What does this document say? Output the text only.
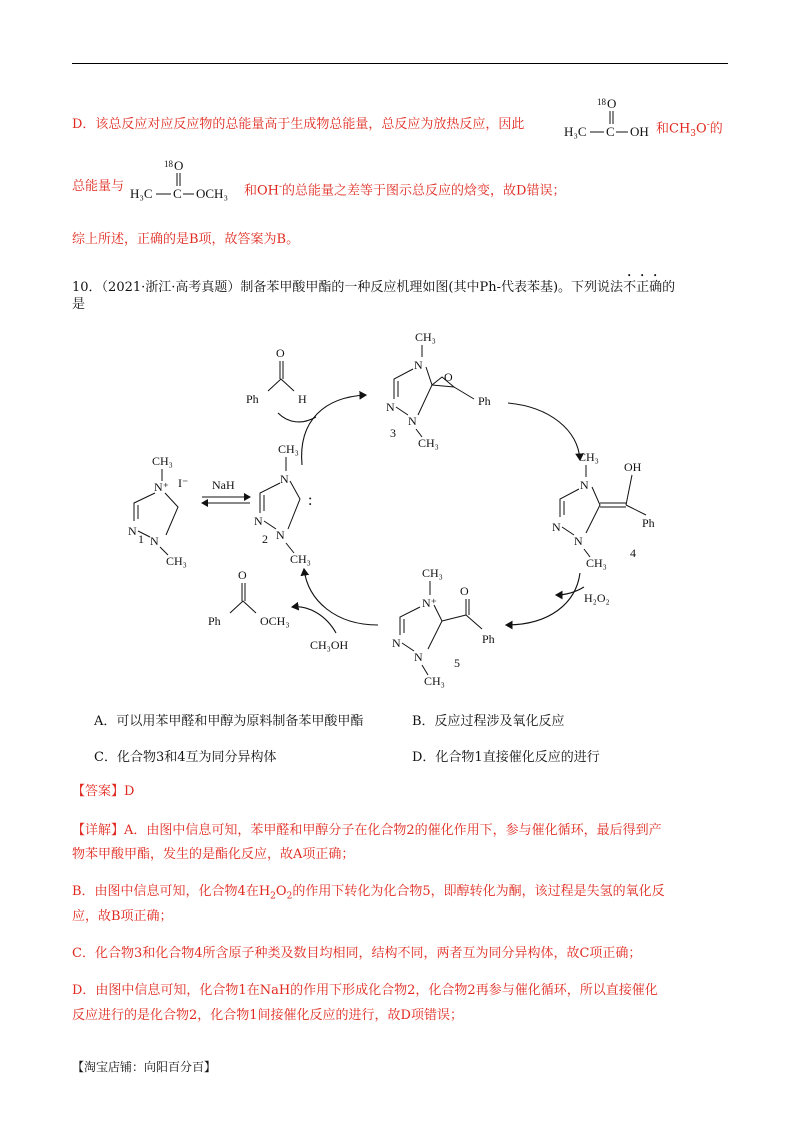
D．该总反应对应反应物的总能量高于生成物总能量，总反应为放热反应，因此
18 O
H₃C C OH 和$CH_3O^-$的
总能量与
18 O
H₃C C OCH₃ 和OH-的总能量之差等于图示总反应的焓变，故D错误；
综上所述，正确的是B项，故答案为B。
10．（2021·浙江·高考真题）制备苯甲酸甲酯的一种反应机理如图(其中Ph-代表苯基)。下列说法不正确的
是
CH₃
N⁺ I⁻
N
N
CH₃
1
NaH
CH₃
N
N
N
:
CH₃
2
O
Ph	H
CH₃
N
N
N
O
Ph
CH₃
3
CH₃
N
N
N
OH
Ph
CH₃
4
H₂O₂
CH₃
N⁺
N
N
O
Ph
CH₃
5
O
Ph	OCH₃
CH₃OH
A．可以用苯甲醛和甲醇为原料制备苯甲酸甲酯	B．反应过程涉及氧化反应
C．化合物3和4互为同分异构体	D．化合物1直接催化反应的进行
【答案】D
【详解】A．由图中信息可知，苯甲醛和甲醇分子在化合物2的催化作用下，参与催化循环，最后得到产
物苯甲酸甲酯，发生的是酯化反应，故A项正确；
B．由图中信息可知，化合物4在$H_2O_2$的作用下转化为化合物5，即醇转化为酮，该过程是失氢的氧化反
应，故B项正确；
C．化合物3和化合物4所含原子种类及数目均相同，结构不同，两者互为同分异构体，故C项正确；
D．由图中信息可知，化合物1在NaH的作用下形成化合物2，化合物2再参与催化循环，所以直接催化
反应进行的是化合物2，化合物1间接催化反应的进行，故D项错误；
【淘宝店铺：向阳百分百】
